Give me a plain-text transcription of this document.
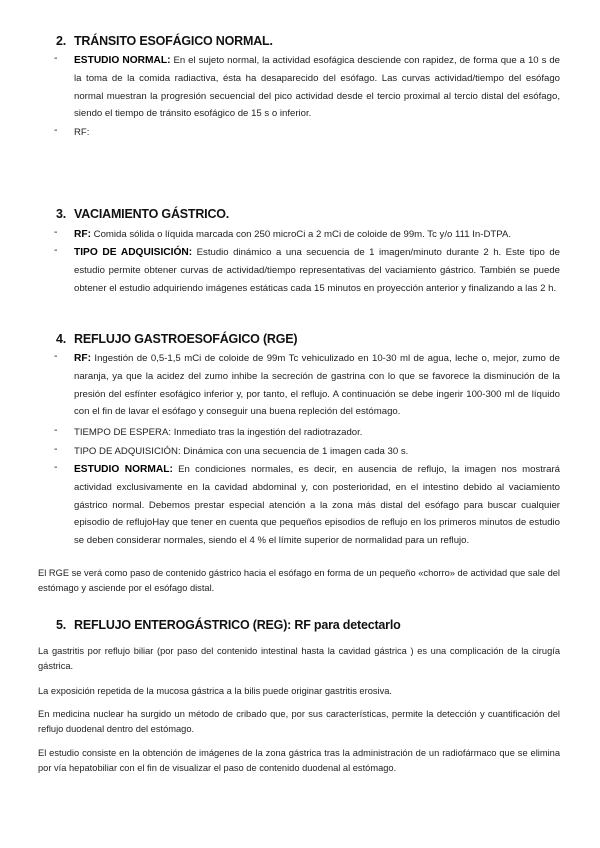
2. TRÁNSITO ESOFÁGICO NORMAL.
- ESTUDIO NORMAL: En el sujeto normal, la actividad esofágica desciende con rapidez, de forma que a 10 s de la toma de la comida radiactiva, ésta ha desaparecido del esófago. Las curvas actividad/tiempo del esófago normal muestran la progresión secuencial del pico actividad desde el tercio proximal al tercio distal del esófago, siendo el tiempo de tránsito esofágico de 15 s o inferior.
- RF:
3. VACIAMIENTO GÁSTRICO.
- RF: Comida sólida o líquida marcada con 250 microCi a 2 mCi de coloide de 99m. Tc y/o 111 In-DTPA.
- TIPO DE ADQUISICIÓN: Estudio dinámico a una secuencia de 1 imagen/minuto durante 2 h. Este tipo de estudio permite obtener curvas de actividad/tiempo representativas del vaciamiento gástrico. También se puede obtener el estudio adquiriendo imágenes estáticas cada 15 minutos en proyección anterior y finalizando a las 2 h.
4. REFLUJO GASTROESOFÁGICO (RGE)
- RF: Ingestión de 0,5-1,5 mCi de coloide de 99m Tc vehiculizado en 10-30 ml de agua, leche o, mejor, zumo de naranja, ya que la acidez del zumo inhibe la secreción de gastrina con lo que se favorece la disminución de la presión del esfínter esofágico inferior y, por tanto, el reflujo. A continuación se debe ingerir 100-300 ml de líquido con el fin de lavar el esófago y conseguir una buena repleción del estómago.
- TIEMPO DE ESPERA: Inmediato tras la ingestión del radiotrazador.
- TIPO DE ADQUISICIÓN: Dinámica con una secuencia de 1 imagen cada 30 s.
- ESTUDIO NORMAL: En condiciones normales, es decir, en ausencia de reflujo, la imagen nos mostrará actividad exclusivamente en la cavidad abdominal y, con posterioridad, en el intestino debido al vaciamiento gástrico normal. Debemos prestar especial atención a la zona más distal del esófago para buscar cualquier episodio de reflujoHay que tener en cuenta que pequeños episodios de reflujo en los primeros minutos de estudio se deben considerar normales, siendo el 4 % el límite superior de normalidad para un reflujo.
El RGE se verá como paso de contenido gástrico hacia el esófago en forma de un pequeño «chorro» de actividad que sale del estómago y asciende por el esófago distal.
5. REFLUJO ENTEROGÁSTRICO (REG): RF para detectarlo
La gastritis por reflujo biliar (por paso del contenido intestinal hasta la cavidad gástrica ) es una complicación de la cirugía gástrica.
La exposición repetida de la mucosa gástrica a la bilis puede originar gastritis erosiva.
En medicina nuclear ha surgido un método de cribado que, por sus características, permite la detección y cuantificación del reflujo duodenal dentro del estómago.
El estudio consiste en la obtención de imágenes de la zona gástrica tras la administración de un radiofármaco que se elimina por vía hepatobiliar con el fin de visualizar el paso de contenido duodenal al estómago.
